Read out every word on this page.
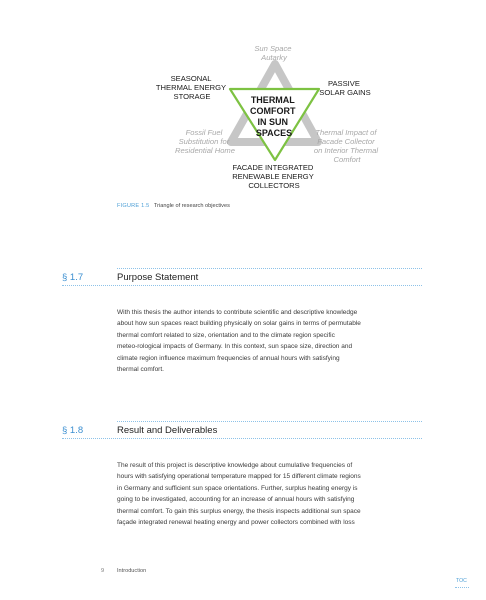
Sun Space Autarky
SEASONAL THERMAL ENERGY STORAGE
PASSIVE SOLAR GAINS
Fossil Fuel Substitution for Residential Home
Thermal Impact of Facade Collector on Interior Thermal Comfort
FACADE INTEGRATED RENEWABLE ENERGY COLLECTORS
THERMAL COMFORT IN SUN SPACES
FIGURE 1.5 Triangle of research objectives
§ 1.7	Purpose Statement
With this thesis the author intends to contribute scientific and descriptive knowledge
about how sun spaces react building physically on solar gains in terms of permutable
thermal comfort related to size, orientation and to the climate region specific
meteo-rological impacts of Germany. In this context, sun space size, direction and
climate region influence maximum frequencies of annual hours with satisfying
thermal comfort.
§ 1.8	Result and Deliverables
The result of this project is descriptive knowledge about cumulative frequencies of
hours with satisfying operational temperature mapped for 15 different climate regions
in Germany and sufficient sun space orientations. Further, surplus heating energy is
going to be investigated, accounting for an increase of annual hours with satisfying
thermal comfort. To gain this surplus energy, the thesis inspects additional sun space
façade integrated renewal heating energy and power collectors combined with loss
9 Introduction
TOC
